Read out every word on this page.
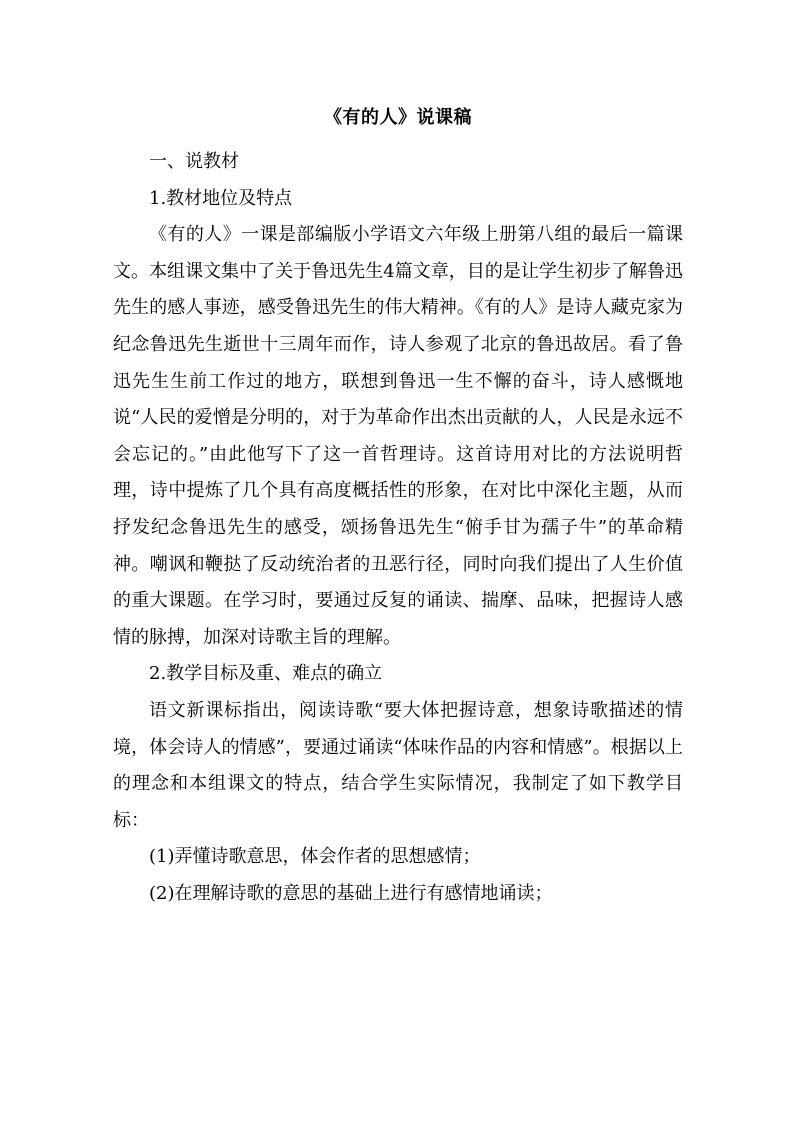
《有的人》说课稿

一、说教材

1.教材地位及特点

《有的人》一课是部编版小学语文六年级上册第八组的最后一篇课文。本组课文集中了关于鲁迅先生4篇文章，目的是让学生初步了解鲁迅先生的感人事迹，感受鲁迅先生的伟大精神。《有的人》是诗人藏克家为纪念鲁迅先生逝世十三周年而作，诗人参观了北京的鲁迅故居。看了鲁迅先生生前工作过的地方，联想到鲁迅一生不懈的奋斗，诗人感慨地说“人民的爱憎是分明的，对于为革命作出杰出贡献的人，人民是永远不会忘记的。”由此他写下了这一首哲理诗。这首诗用对比的方法说明哲理，诗中提炼了几个具有高度概括性的形象，在对比中深化主题，从而抒发纪念鲁迅先生的感受，颂扬鲁迅先生“俯手甘为孺子牛”的革命精神。嘲讽和鞭挞了反动统治者的丑恶行径，同时向我们提出了人生价值的重大课题。在学习时，要通过反复的诵读、揣摩、品味，把握诗人感情的脉搏，加深对诗歌主旨的理解。

2.教学目标及重、难点的确立

语文新课标指出，阅读诗歌“要大体把握诗意，想象诗歌描述的情境，体会诗人的情感”，要通过诵读“体味作品的内容和情感”。根据以上的理念和本组课文的特点，结合学生实际情况，我制定了如下教学目标：

(1)弄懂诗歌意思，体会作者的思想感情；

(2)在理解诗歌的意思的基础上进行有感情地诵读；
